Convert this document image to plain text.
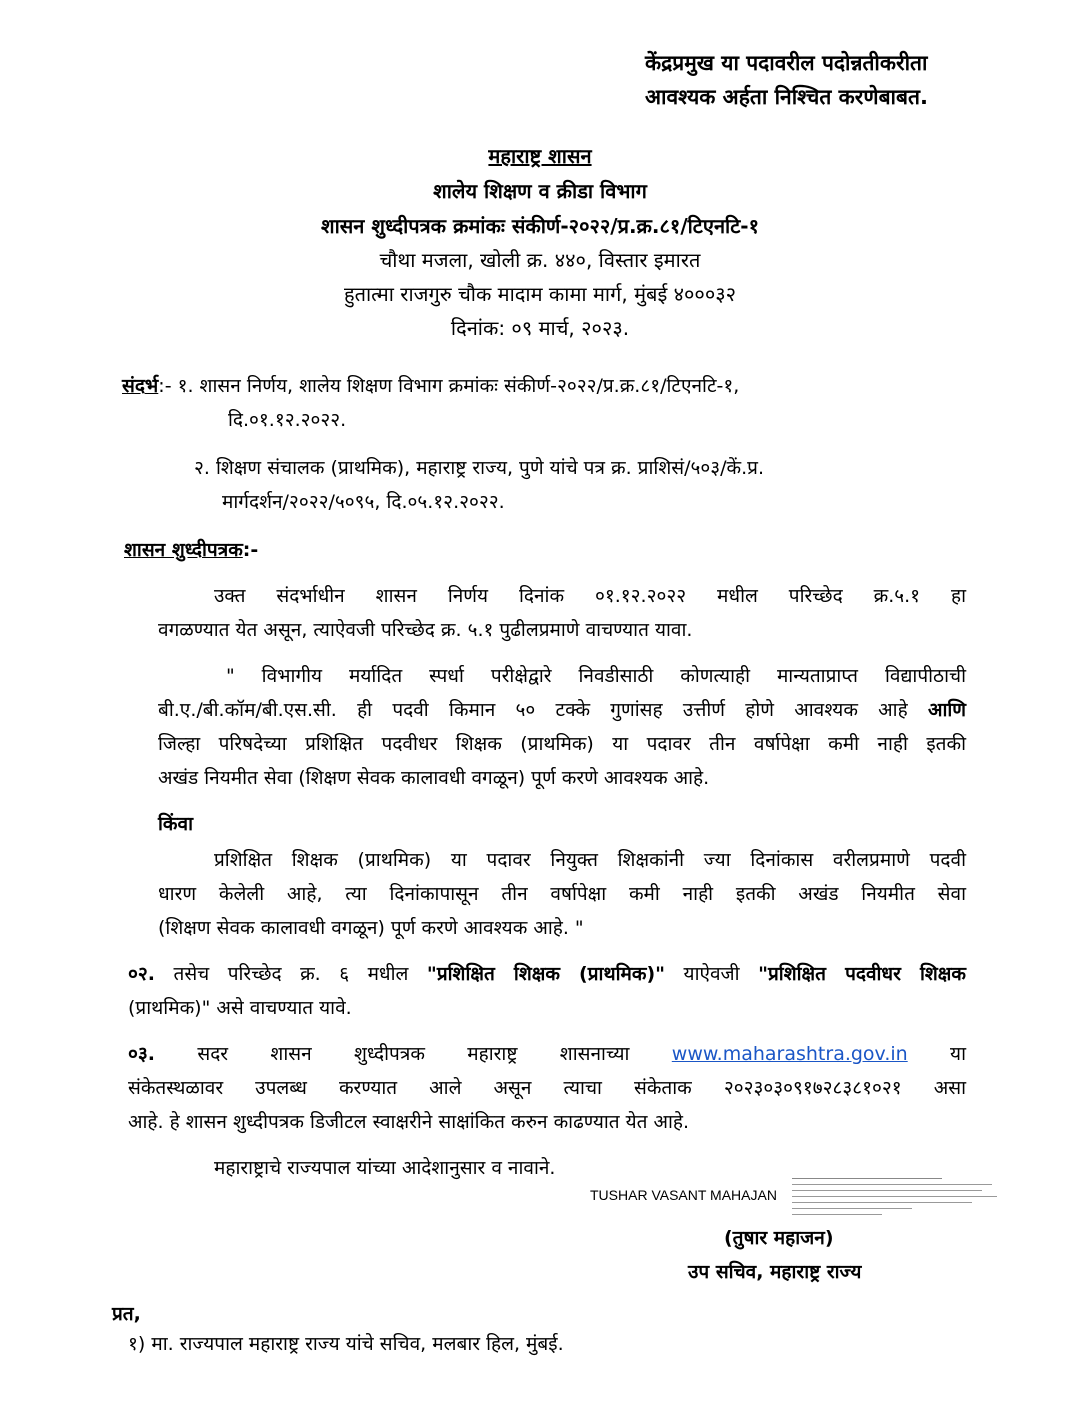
केंद्रप्रमुख या पदावरील पदोन्नतीकरीता
आवश्यक अर्हता निश्चित करणेबाबत.
महाराष्ट्र शासन
शालेय शिक्षण व क्रीडा विभाग
शासन शुध्दीपत्रक क्रमांकः संकीर्ण-२०२२/प्र.क्र.८१/टिएनटि-१
चौथा मजला, खोली क्र. ४४०, विस्तार इमारत
हुतात्मा राजगुरु चौक मादाम कामा मार्ग, मुंबई ४०००३२
दिनांक: ०९ मार्च, २०२३.
संदर्भ:- १. शासन निर्णय, शालेय शिक्षण विभाग क्रमांकः संकीर्ण-२०२२/प्र.क्र.८१/टिएनटि-१,
दि.०१.१२.२०२२.
२. शिक्षण संचालक (प्राथमिक), महाराष्ट्र राज्य, पुणे यांचे पत्र क्र. प्राशिसं/५०३/कें.प्र.
मार्गदर्शन/२०२२/५०९५, दि.०५.१२.२०२२.
शासन शुध्दीपत्रक:-
उक्त संदर्भाधीन शासन निर्णय दिनांक ०१.१२.२०२२ मधील परिच्छेद क्र.५.१ हा
वगळण्यात येत असून, त्याऐवजी परिच्छेद क्र. ५.१ पुढीलप्रमाणे वाचण्यात यावा.
" विभागीय मर्यादित स्पर्धा परीक्षेद्वारे निवडीसाठी कोणत्याही मान्यताप्राप्त विद्यापीठाची
बी.ए./बी.कॉम/बी.एस.सी. ही पदवी किमान ५० टक्के गुणांसह उत्तीर्ण होणे आवश्यक आहे आणि
जिल्हा परिषदेच्या प्रशिक्षित पदवीधर शिक्षक (प्राथमिक) या पदावर तीन वर्षापेक्षा कमी नाही इतकी
अखंड नियमीत सेवा (शिक्षण सेवक कालावधी वगळून) पूर्ण करणे आवश्यक आहे.
किंवा
प्रशिक्षित शिक्षक (प्राथमिक) या पदावर नियुक्त शिक्षकांनी ज्या दिनांकास वरीलप्रमाणे पदवी
धारण केलेली आहे, त्या दिनांकापासून तीन वर्षापेक्षा कमी नाही इतकी अखंड नियमीत सेवा
(शिक्षण सेवक कालावधी वगळून) पूर्ण करणे आवश्यक आहे. "
०२. तसेच परिच्छेद क्र. ६ मधील "प्रशिक्षित शिक्षक (प्राथमिक)" याऐवजी "प्रशिक्षित पदवीधर शिक्षक
(प्राथमिक)" असे वाचण्यात यावे.
०३. सदर शासन शुध्दीपत्रक महाराष्ट्र शासनाच्या www.maharashtra.gov.in या
संकेतस्थळावर उपलब्ध करण्यात आले असून त्याचा संकेताक २०२३०३०९१७२८३८१०२१ असा
आहे. हे शासन शुध्दीपत्रक डिजीटल स्वाक्षरीने साक्षांकित करुन काढण्यात येत आहे.
महाराष्ट्राचे राज्यपाल यांच्या आदेशानुसार व नावाने.
TUSHAR VASANT MAHAJAN
(तुषार महाजन)
उप सचिव, महाराष्ट्र राज्य
प्रत,
१) मा. राज्यपाल महाराष्ट्र राज्य यांचे सचिव, मलबार हिल, मुंबई.
